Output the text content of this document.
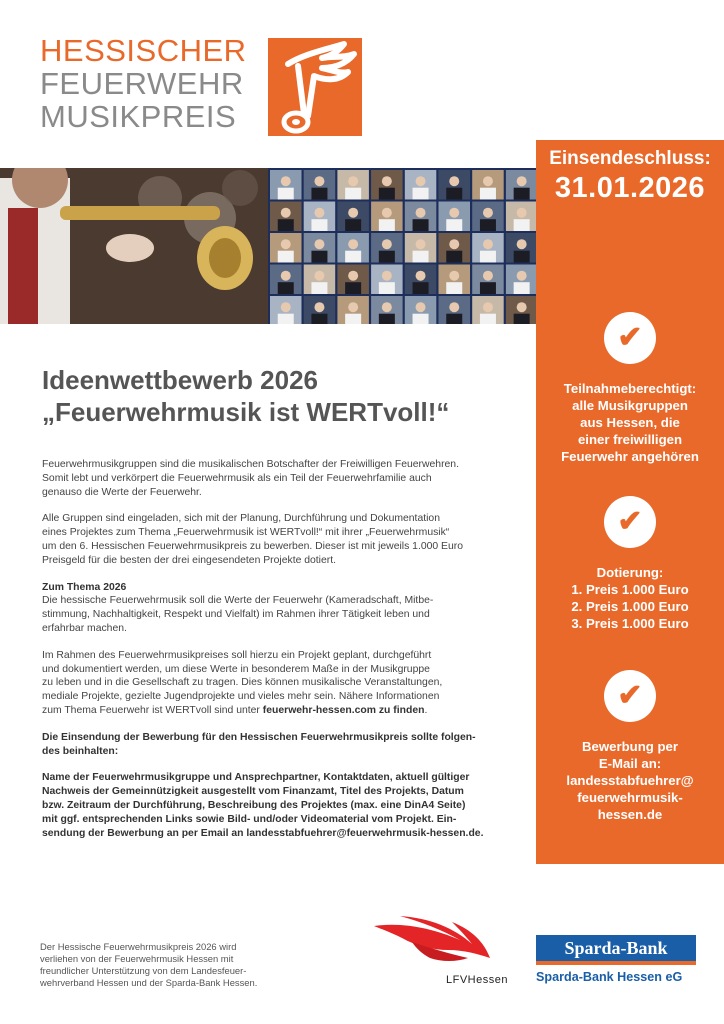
HESSISCHER
FEUERWEHR
MUSIKPREIS
Einsendeschluss:
31.01.2026
✔
Teilnahmeberechtigt:
alle Musikgruppen
aus Hessen, die
einer freiwilligen
Feuerwehr angehören
✔
Dotierung:
1. Preis 1.000 Euro
2. Preis 1.000 Euro
3. Preis 1.000 Euro
✔
Bewerbung per
E-Mail an:
landesstabfuehrer@
feuerwehrmusik-
hessen.de
Ideenwettbewerb 2026
„Feuerwehrmusik ist WERTvoll!“

Feuerwehrmusikgruppen sind die musikalischen Botschafter der Freiwilligen Feuerwehren.
Somit lebt und verkörpert die Feuerwehrmusik als ein Teil der Feuerwehrfamilie auch
genauso die Werte der Feuerwehr.

Alle Gruppen sind eingeladen, sich mit der Planung, Durchführung und Dokumentation
eines Projektes zum Thema „Feuerwehrmusik ist WERTvoll!“ mit ihrer „Feuerwehrmusik“
um den 6. Hessischen Feuerwehrmusikpreis zu bewerben. Dieser ist mit jeweils 1.000 Euro
Preisgeld für die besten der drei eingesendeten Projekte dotiert.

Zum Thema 2026
Die hessische Feuerwehrmusik soll die Werte der Feuerwehr (Kameradschaft, Mitbe-
stimmung, Nachhaltigkeit, Respekt und Vielfalt) im Rahmen ihrer Tätigkeit leben und
erfahrbar machen.

Im Rahmen des Feuerwehrmusikpreises soll hierzu ein Projekt geplant, durchgeführt
und dokumentiert werden, um diese Werte in besonderem Maße in der Musikgruppe
zu leben und in die Gesellschaft zu tragen. Dies können musikalische Veranstaltungen,
mediale Projekte, gezielte Jugendprojekte und vieles mehr sein. Nähere Informationen
zum Thema Feuerwehr ist WERTvoll sind unter feuerwehr-hessen.com zu finden.

Die Einsendung der Bewerbung für den Hessischen Feuerwehrmusikpreis sollte folgen-
des beinhalten:

Name der Feuerwehrmusikgruppe und Ansprechpartner, Kontaktdaten, aktuell gültiger
Nachweis der Gemeinnützigkeit ausgestellt vom Finanzamt, Titel des Projekts, Datum
bzw. Zeitraum der Durchführung, Beschreibung des Projektes (max. eine DinA4 Seite)
mit ggf. entsprechenden Links sowie Bild- und/oder Videomaterial vom Projekt. Ein-
sendung der Bewerbung an per Email an landesstabfuehrer@feuerwehrmusik-hessen.de.

Der Hessische Feuerwehrmusikpreis 2026 wird
verliehen von der Feuerwehrmusik Hessen mit
freundlicher Unterstützung von dem Landesfeuer-
wehrverband Hessen und der Sparda-Bank Hessen.	LFVHessen
Sparda-Bank
Sparda-Bank Hessen eG
